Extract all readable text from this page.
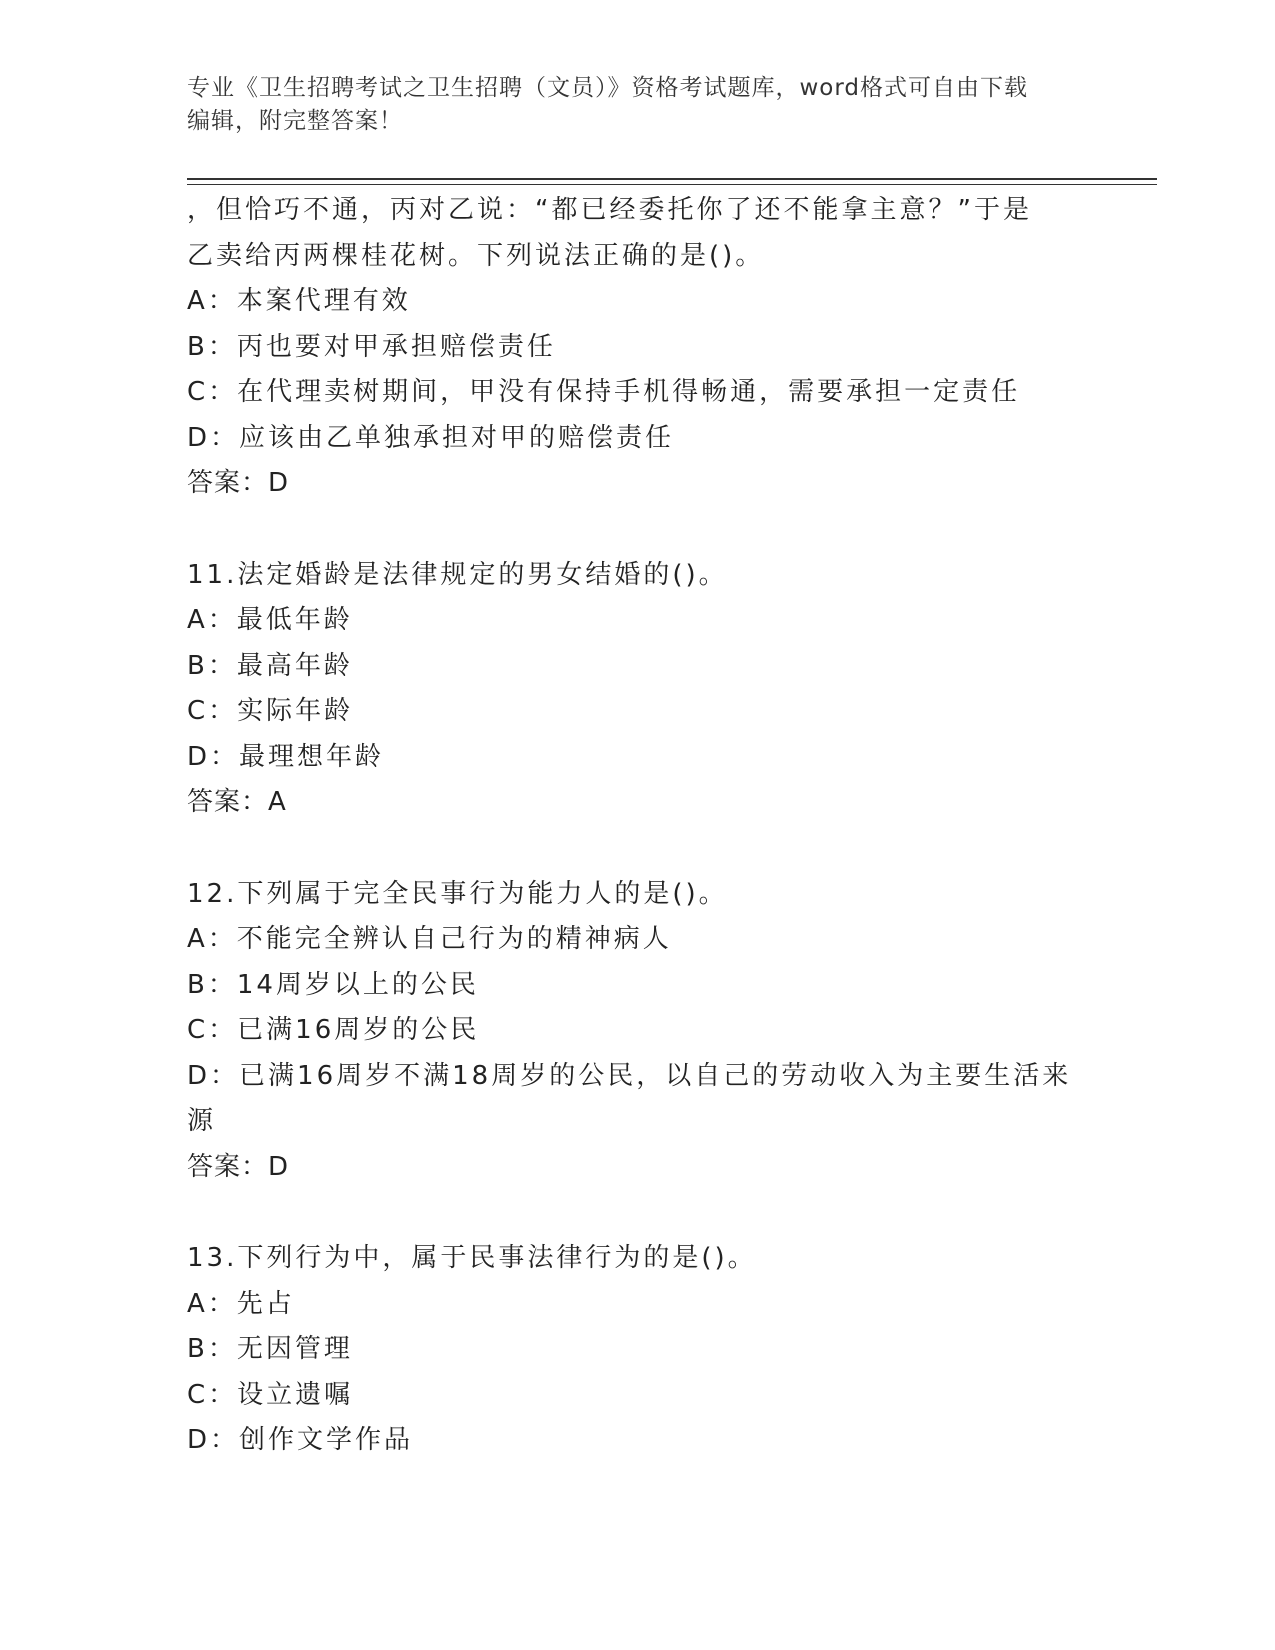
专业《卫生招聘考试之卫生招聘（文员）》资格考试题库，word格式可自由下载
编辑，附完整答案！
，但恰巧不通，丙对乙说：“都已经委托你了还不能拿主意？”于是
乙卖给丙两棵桂花树。下列说法正确的是()。
A：本案代理有效
B：丙也要对甲承担赔偿责任
C：在代理卖树期间，甲没有保持手机得畅通，需要承担一定责任
D：应该由乙单独承担对甲的赔偿责任
答案：D
11.法定婚龄是法律规定的男女结婚的()。
A：最低年龄
B：最高年龄
C：实际年龄
D：最理想年龄
答案：A
12.下列属于完全民事行为能力人的是()。
A：不能完全辨认自己行为的精神病人
B：14周岁以上的公民
C：已满16周岁的公民
D：已满16周岁不满18周岁的公民，以自己的劳动收入为主要生活来
源
答案：D
13.下列行为中，属于民事法律行为的是()。
A：先占
B：无因管理
C：设立遗嘱
D：创作文学作品
